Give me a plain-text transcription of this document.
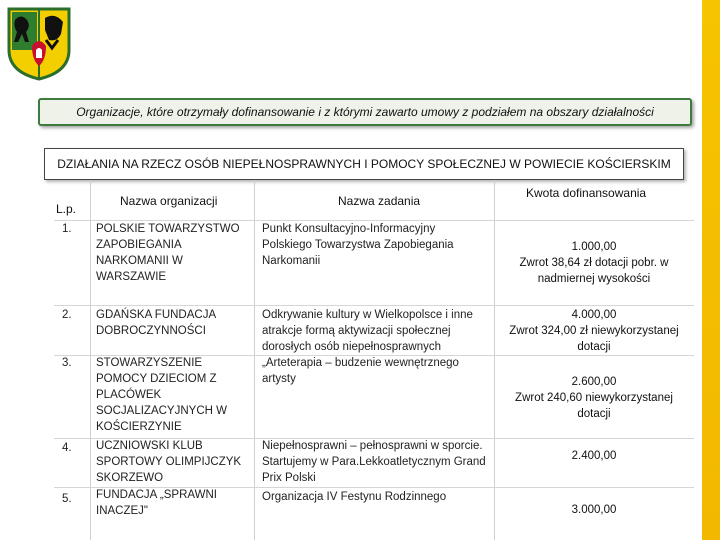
Organizacje, które otrzymały dofinansowanie i z którymi zawarto umowy z podziałem na obszary działalności
DZIAŁANIA NA RZECZ OSÓB NIEPEŁNOSPRAWNYCH I POMOCY SPOŁECZNEJ W POWIECIE KOŚCIERSKIM
L.p.
Nazwa organizacji	Nazwa zadania
Kwota dofinansowania
1. POLSKIE TOWARZYSTWO ZAPOBIEGANIA NARKOMANII W WARSZAWIE
Punkt Konsultacyjno-Informacyjny Polskiego Towarzystwa Zapobiegania Narkomanii
1.000,00
Zwrot 38,64 zł dotacji pobr. w nadmiernej wysokości
2. GDAŃSKA FUNDACJA DOBROCZYNNOŚCI
Odkrywanie kultury w Wielkopolsce i inne atrakcje formą aktywizacji społecznej dorosłych osób niepełnosprawnych
4.000,00
Zwrot 324,00 zł niewykorzystanej dotacji
3. STOWARZYSZENIE POMOCY DZIECIOM Z PLACÓWEK SOCJALIZACYJNYCH W KOŚCIERZYNIE
„Arteterapia – budzenie wewnętrznego artysty	2.600,00
Zwrot 240,60 niewykorzystanej dotacji
4. UCZNIOWSKI KLUB SPORTOWY OLIMPIJCZYK SKORZEWO
Niepełnosprawni – pełnosprawni w sporcie. Startujemy w Para.Lekkoatletycznym Grand Prix Polski
2.400,00
5. FUNDACJA „SPRAWNI INACZEJ"
Organizacja IV Festynu Rodzinnego
3.000,00
